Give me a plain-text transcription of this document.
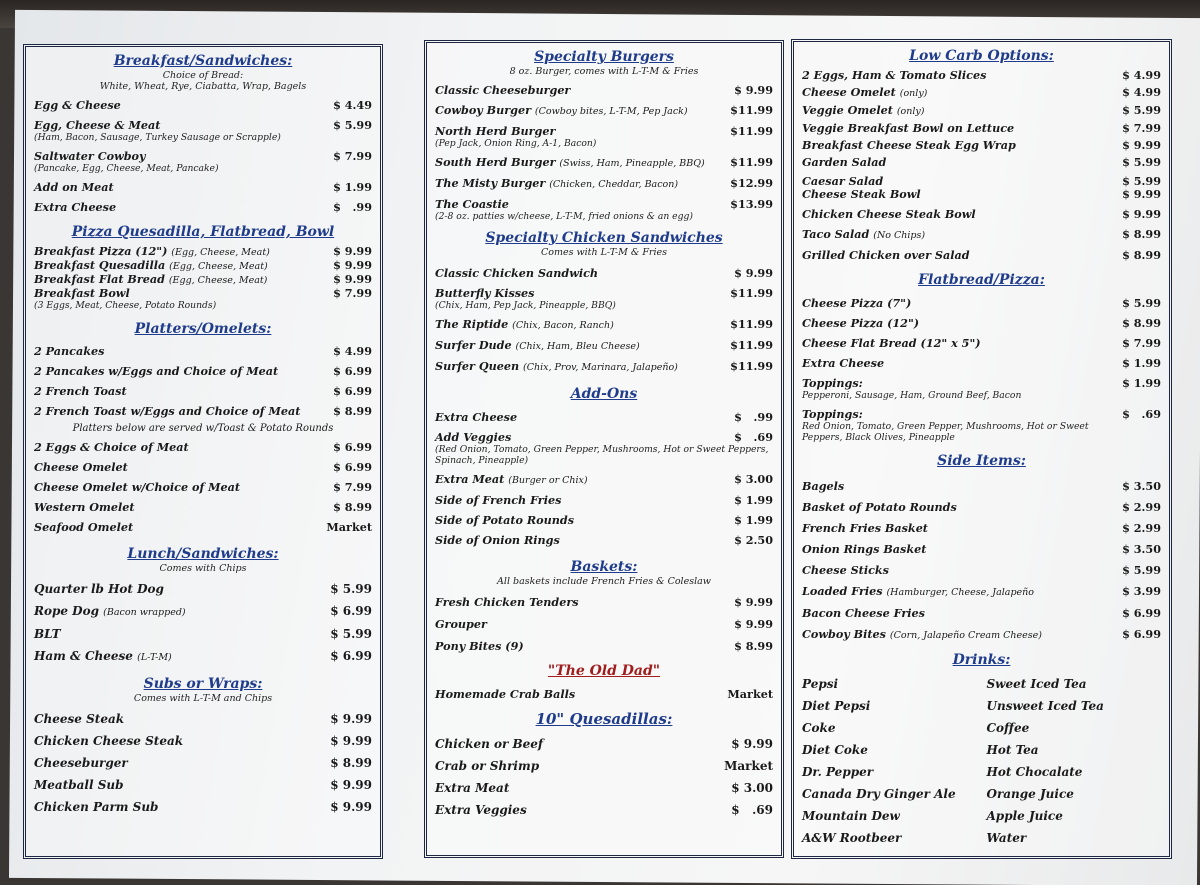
Breakfast/Sandwiches:
Choice of Bread:
White, Wheat, Rye, Ciabatta, Wrap, Bagels
Egg & Cheese	$ 4.49
Egg, Cheese & Meat	$ 5.99
(Ham, Bacon, Sausage, Turkey Sausage or Scrapple)
Saltwater Cowboy	$ 7.99
(Pancake, Egg, Cheese, Meat, Pancake)
Add on Meat	$ 1.99
Extra Cheese	$   .99
Pizza Quesadilla, Flatbread, Bowl
Breakfast Pizza (12") (Egg, Cheese, Meat)	$ 9.99
Breakfast Quesadilla (Egg, Cheese, Meat)	$ 9.99
Breakfast Flat Bread (Egg, Cheese, Meat)	$ 9.99
Breakfast Bowl	$ 7.99
(3 Eggs, Meat, Cheese, Potato Rounds)
Platters/Omelets:
2 Pancakes	$ 4.99
2 Pancakes w/Eggs and Choice of Meat	$ 6.99
2 French Toast	$ 6.99
2 French Toast w/Eggs and Choice of Meat	$ 8.99
Platters below are served w/Toast & Potato Rounds
2 Eggs & Choice of Meat	$ 6.99
Cheese Omelet	$ 6.99
Cheese Omelet w/Choice of Meat	$ 7.99
Western Omelet	$ 8.99
Seafood Omelet	Market
Lunch/Sandwiches:
Comes with Chips
Quarter lb Hot Dog	$ 5.99
Rope Dog (Bacon wrapped)	$ 6.99
BLT	$ 5.99
Ham & Cheese (L-T-M)	$ 6.99
Subs or Wraps:
Comes with L-T-M and Chips
Cheese Steak	$ 9.99
Chicken Cheese Steak	$ 9.99
Cheeseburger	$ 8.99
Meatball Sub	$ 9.99
Chicken Parm Sub	$ 9.99
Specialty Burgers
8 oz. Burger, comes with L-T-M & Fries
Classic Cheeseburger	$ 9.99
Cowboy Burger (Cowboy bites, L-T-M, Pep Jack)	$11.99
North Herd Burger	$11.99
(Pep Jack, Onion Ring, A-1, Bacon)
South Herd Burger (Swiss, Ham, Pineapple, BBQ)	$11.99
The Misty Burger (Chicken, Cheddar, Bacon)	$12.99
The Coastie	$13.99
(2-8 oz. patties w/cheese, L-T-M, fried onions & an egg)
Specialty Chicken Sandwiches
Comes with L-T-M & Fries
Classic Chicken Sandwich	$ 9.99
Butterfly Kisses	$11.99
(Chix, Ham, Pep Jack, Pineapple, BBQ)
The Riptide (Chix, Bacon, Ranch)	$11.99
Surfer Dude (Chix, Ham, Bleu Cheese)	$11.99
Surfer Queen (Chix, Prov, Marinara, Jalapeño)	$11.99
Add-Ons
Extra Cheese	$   .99
Add Veggies	$   .69
(Red Onion, Tomato, Green Pepper, Mushrooms, Hot or Sweet Peppers, Spinach, Pineapple)
Extra Meat (Burger or Chix)	$ 3.00
Side of French Fries	$ 1.99
Side of Potato Rounds	$ 1.99
Side of Onion Rings	$ 2.50
Baskets:
All baskets include French Fries & Coleslaw
Fresh Chicken Tenders	$ 9.99
Grouper	$ 9.99
Pony Bites (9)	$ 8.99
"The Old Dad"
Homemade Crab Balls	Market
10" Quesadillas:
Chicken or Beef	$ 9.99
Crab or Shrimp	Market
Extra Meat	$ 3.00
Extra Veggies	$   .69
Low Carb Options:
2 Eggs, Ham & Tomato Slices	$ 4.99
Cheese Omelet (only)	$ 4.99
Veggie Omelet (only)	$ 5.99
Veggie Breakfast Bowl on Lettuce	$ 7.99
Breakfast Cheese Steak Egg Wrap	$ 9.99
Garden Salad	$ 5.99
Caesar Salad	$ 5.99
Cheese Steak Bowl	$ 9.99
Chicken Cheese Steak Bowl	$ 9.99
Taco Salad (No Chips)	$ 8.99
Grilled Chicken over Salad	$ 8.99
Flatbread/Pizza:
Cheese Pizza (7")	$ 5.99
Cheese Pizza (12")	$ 8.99
Cheese Flat Bread (12" x 5")	$ 7.99
Extra Cheese	$ 1.99
Toppings:	$ 1.99
Pepperoni, Sausage, Ham, Ground Beef, Bacon
Toppings:	$   .69
Red Onion, Tomato, Green Pepper, Mushrooms, Hot or Sweet Peppers, Black Olives, Pineapple
Side Items:
Bagels	$ 3.50
Basket of Potato Rounds	$ 2.99
French Fries Basket	$ 2.99
Onion Rings Basket	$ 3.50
Cheese Sticks	$ 5.99
Loaded Fries (Hamburger, Cheese, Jalapeño	$ 3.99
Bacon Cheese Fries	$ 6.99
Cowboy Bites (Corn, Jalapeño Cream Cheese)	$ 6.99
Drinks:
Pepsi	Sweet Iced Tea
Diet Pepsi	Unsweet Iced Tea
Coke	Coffee
Diet Coke	Hot Tea
Dr. Pepper	Hot Chocalate
Canada Dry Ginger Ale	Orange Juice
Mountain Dew	Apple Juice
A&W Rootbeer	Water
